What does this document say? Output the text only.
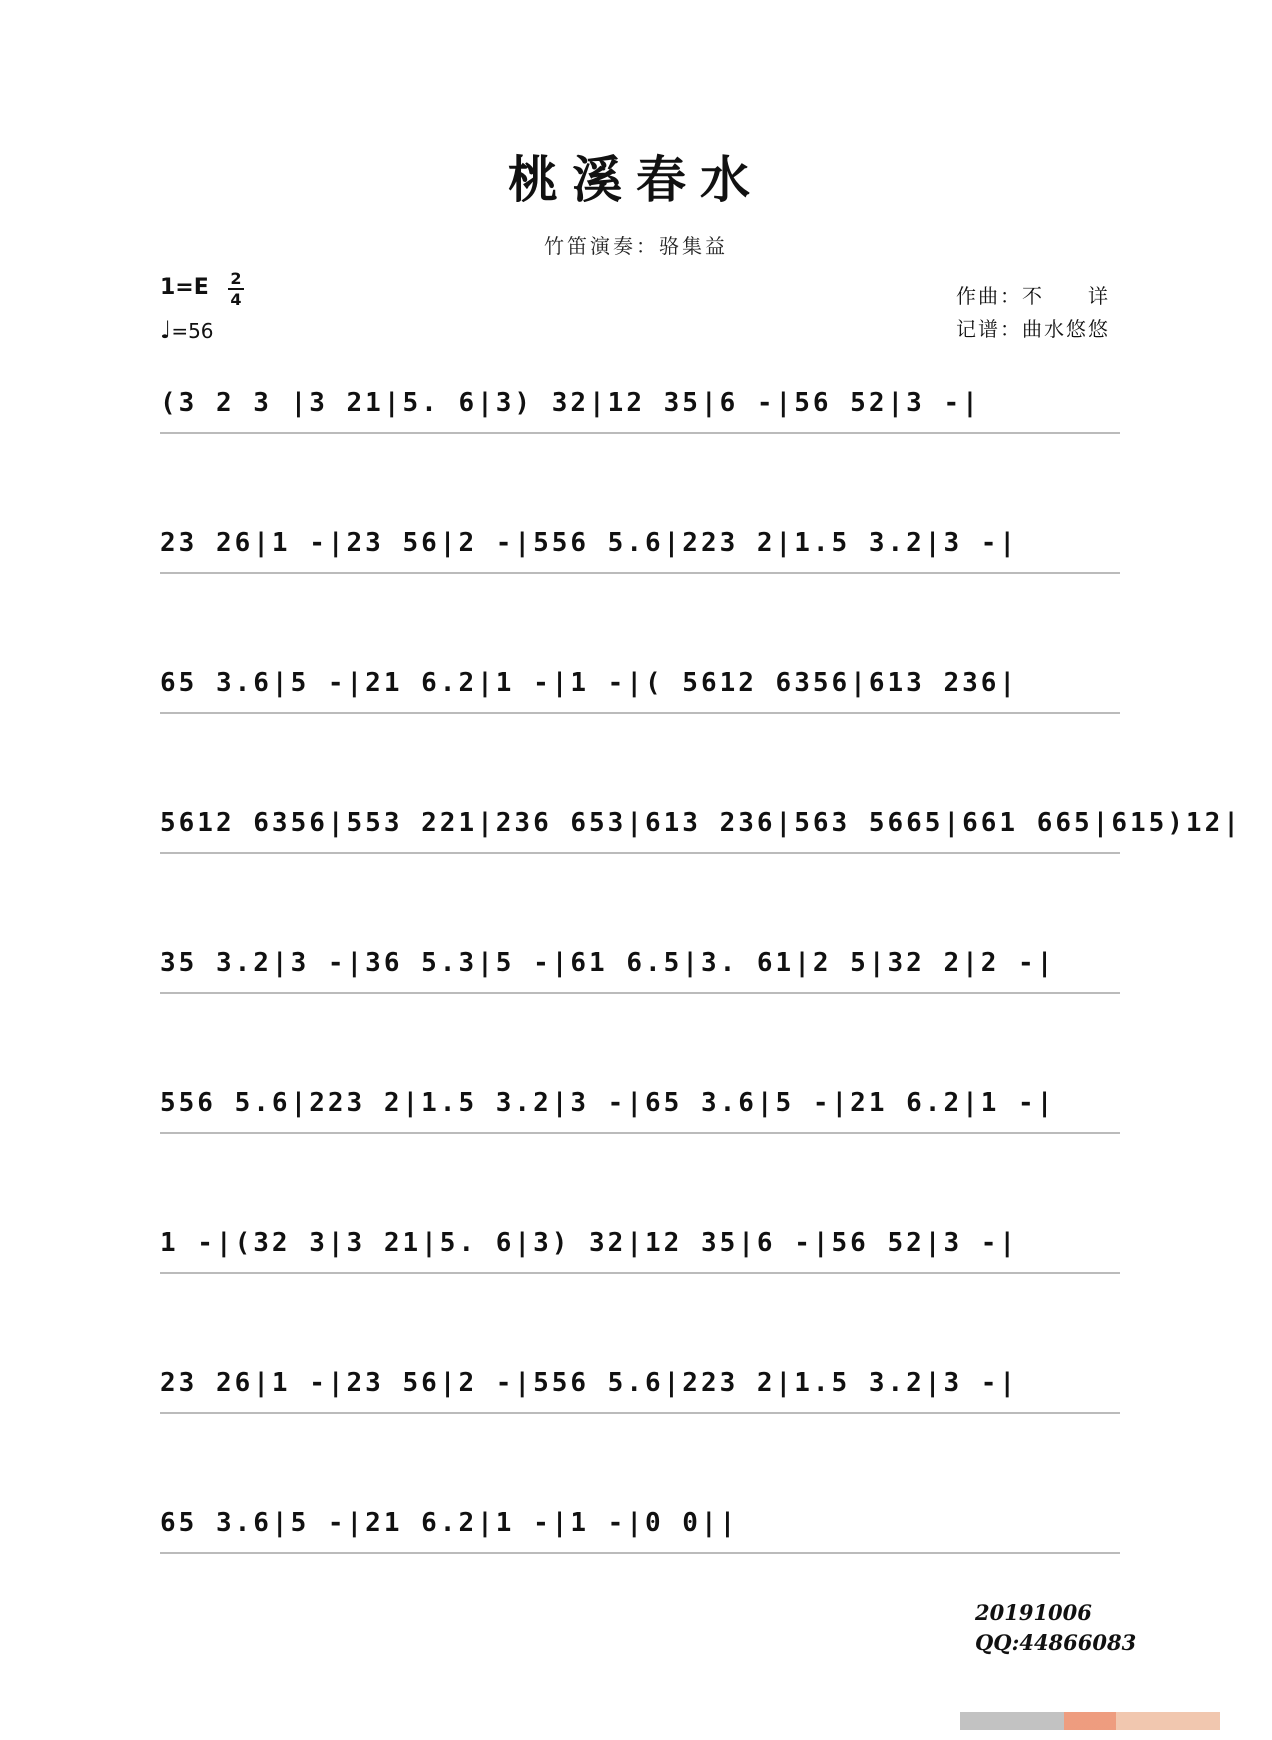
桃溪春水
竹笛演奏：骆集益
1=E 2
4
♩=56
作曲：不　　详
记谱：曲水悠悠
(3 2 3 |3 21|5. 6|3) 32|12 35|6 -|56 52|3 -|
23 26|1 -|23 56|2 -|556 5.6|223 2|1.5 3.2|3 -|
65 3.6|5 -|21 6.2|1 -|1 -|( 5612 6356|613 236|
5612 6356|553 221|236 653|613 236|563 5665|661 665|615)12|
35 3.2|3 -|36 5.3|5 -|61 6.5|3. 61|2 5|32 2|2 -|
556 5.6|223 2|1.5 3.2|3 -|65 3.6|5 -|21 6.2|1 -|
1 -|(32 3|3 21|5. 6|3) 32|12 35|6 -|56 52|3 -|
23 26|1 -|23 56|2 -|556 5.6|223 2|1.5 3.2|3 -|
65 3.6|5 -|21 6.2|1 -|1 -|0 0||
20191006
QQ:44866083
